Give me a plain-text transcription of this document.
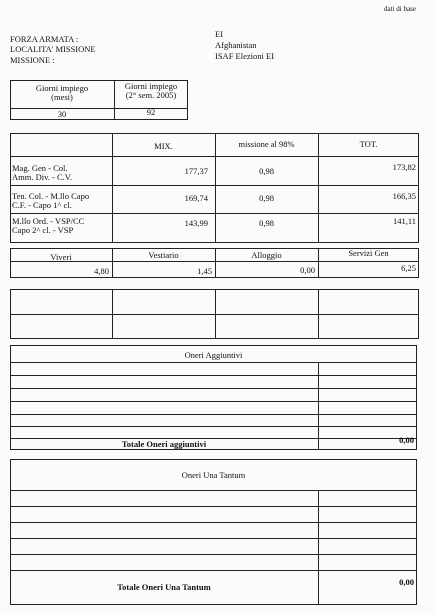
dati di base
FORZA ARMATA :
LOCALITA' MISSIONE
MISSIONE :
EI
Afghanistan
ISAF Elezioni EI
Giorni impiego
(mesi)
Giorni impiego
(2° sem. 2005)
30	92
MIX.	missione al 98%	TOT.
Mag. Gen - Col.
Amm. Div. - C.V.
177,37	0,98	173,82
Ten. Col. - M.llo Capo
C.F. - Capo 1^ cl.
169,74	0,98	166,35
M.llo Ord. - VSP/CC
Capo 2^ cl. - VSP
143,99	0,98	141,11
Viveri	Vestiario	Alloggio	Servizi Gen
4,80	1,45	0,00	6,25
Oneri Aggiuntivi
Totale Oneri aggiuntivi	0,00
Oneri Una Tantum
Totale Oneri Una Tantum	0,00
